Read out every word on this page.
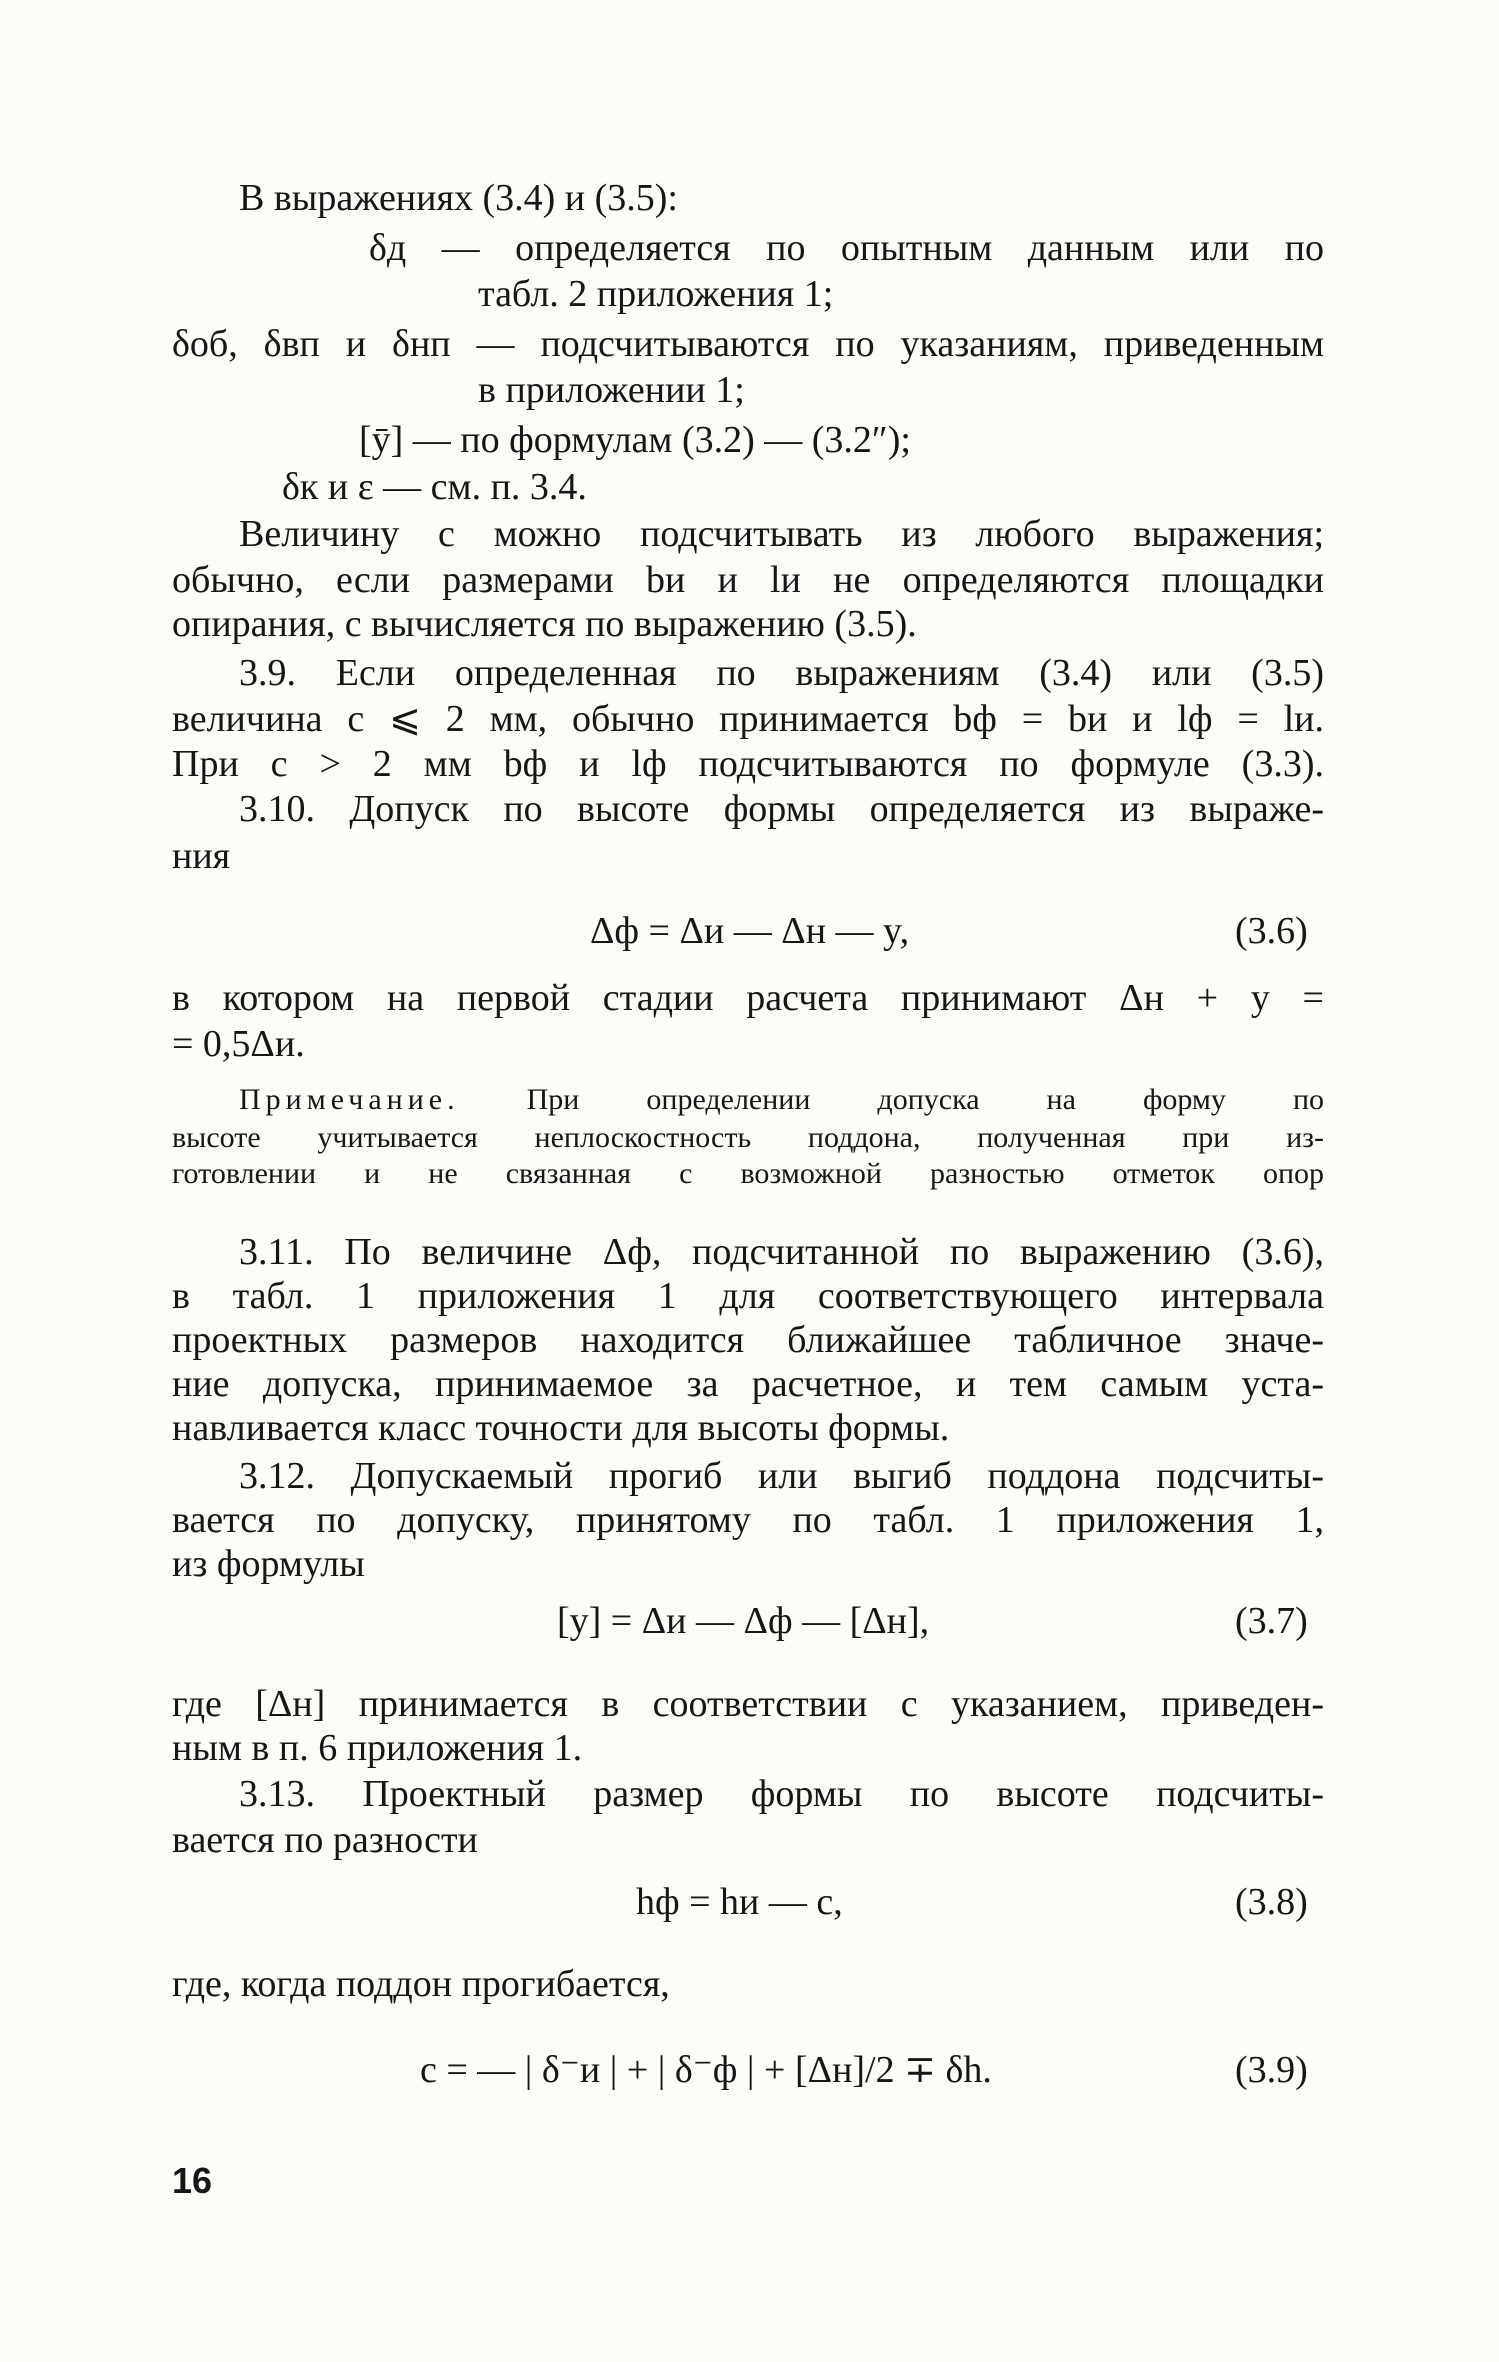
В выражениях (3.4) и (3.5):
δд — определяется по опытным данным или по
табл. 2 приложения 1;
δоб, δвп и δнп — подсчитываются по указаниям, приведенным
в приложении 1;
[ȳ] — по формулам (3.2) — (3.2″);
δк и ε — см. п. 3.4.
Величину c можно подсчитывать из любого выражения;
обычно, если размерами bи и lи не определяются площадки
опирания, c вычисляется по выражению (3.5).
3.9. Если определенная по выражениям (3.4) или (3.5)
величина c ⩽ 2 мм, обычно принимается bф = bи и lф = lи.
При c > 2 мм bф и lф подсчитываются по формуле (3.3).
3.10. Допуск по высоте формы определяется из выраже-
ния
Δф = Δи — Δн — y,	(3.6)
в котором на первой стадии расчета принимают Δн + y =
= 0,5Δи.
Примечание. При определении допуска на форму по
высоте учитывается неплоскостность поддона, полученная при из-
готовлении и не связанная с возможной разностью отметок опор
3.11. По величине Δф, подсчитанной по выражению (3.6),
в табл. 1 приложения 1 для соответствующего интервала
проектных размеров находится ближайшее табличное значе-
ние допуска, принимаемое за расчетное, и тем самым уста-
навливается класс точности для высоты формы.
3.12. Допускаемый прогиб или выгиб поддона подсчиты-
вается по допуску, принятому по табл. 1 приложения 1,
из формулы
[y] = Δи — Δф — [Δн],	(3.7)
где [Δн] принимается в соответствии с указанием, приведен-
ным в п. 6 приложения 1.
3.13. Проектный размер формы по высоте подсчиты-
вается по разности
hф = hи — c,	(3.8)
где, когда поддон прогибается,
c = — | δ⁻и | + | δ⁻ф | + [Δн]/2 ∓ δh.	(3.9)
16
